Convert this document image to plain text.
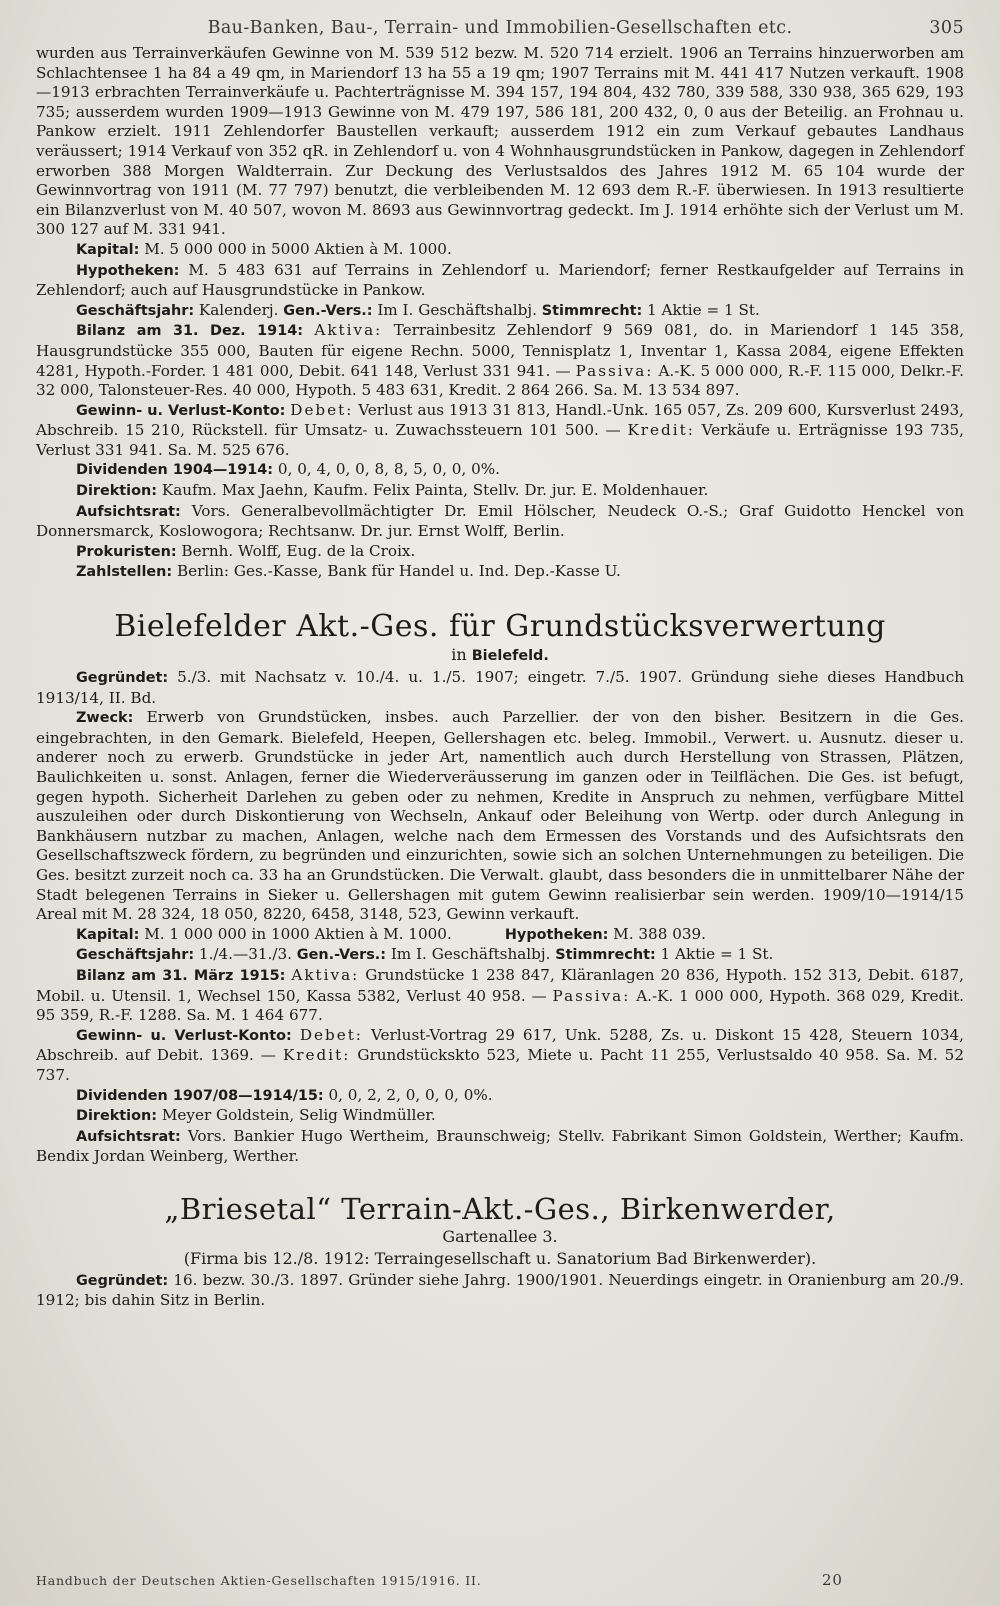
Bau-Banken, Bau-, Terrain- und Immobilien-Gesellschaften etc.	305

wurden aus Terrainverkäufen Gewinne von M. 539 512 bezw. M. 520 714 erzielt. 1906 an Terrains hinzuerworben am Schlachtensee 1 ha 84 a 49 qm, in Mariendorf 13 ha 55 a 19 qm; 1907 Terrains mit M. 441 417 Nutzen verkauft. 1908—1913 erbrachten Terrainverkäufe u. Pachterträgnisse M. 394 157, 194 804, 432 780, 339 588, 330 938, 365 629, 193 735; ausserdem wurden 1909—1913 Gewinne von M. 479 197, 586 181, 200 432, 0, 0 aus der Beteilig. an Frohnau u. Pankow erzielt. 1911 Zehlendorfer Baustellen verkauft; ausserdem 1912 ein zum Verkauf gebautes Landhaus veräussert; 1914 Verkauf von 352 qR. in Zehlendorf u. von 4 Wohnhausgrundstücken in Pankow, dagegen in Zehlendorf erworben 388 Morgen Waldterrain. Zur Deckung des Verlustsaldos des Jahres 1912 M. 65 104 wurde der Gewinnvortrag von 1911 (M. 77 797) benutzt, die verbleibenden M. 12 693 dem R.-F. überwiesen. In 1913 resultierte ein Bilanzverlust von M. 40 507, wovon M. 8693 aus Gewinnvortrag gedeckt. Im J. 1914 erhöhte sich der Verlust um M. 300 127 auf M. 331 941.

Kapital: M. 5 000 000 in 5000 Aktien à M. 1000.

Hypotheken: M. 5 483 631 auf Terrains in Zehlendorf u. Mariendorf; ferner Restkaufgelder auf Terrains in Zehlendorf; auch auf Hausgrundstücke in Pankow.

Geschäftsjahr: Kalenderj. Gen.-Vers.: Im I. Geschäftshalbj. Stimmrecht: 1 Aktie = 1 St.

Bilanz am 31. Dez. 1914: Aktiva: Terrainbesitz Zehlendorf 9 569 081, do. in Mariendorf 1 145 358, Hausgrundstücke 355 000, Bauten für eigene Rechn. 5000, Tennisplatz 1, Inventar 1, Kassa 2084, eigene Effekten 4281, Hypoth.-Forder. 1 481 000, Debit. 641 148, Verlust 331 941. — Passiva: A.-K. 5 000 000, R.-F. 115 000, Delkr.-F. 32 000, Talonsteuer-Res. 40 000, Hypoth. 5 483 631, Kredit. 2 864 266. Sa. M. 13 534 897.

Gewinn- u. Verlust-Konto: Debet: Verlust aus 1913 31 813, Handl.-Unk. 165 057, Zs. 209 600, Kursverlust 2493, Abschreib. 15 210, Rückstell. für Umsatz- u. Zuwachssteuern 101 500. — Kredit: Verkäufe u. Erträgnisse 193 735, Verlust 331 941. Sa. M. 525 676.

Dividenden 1904—1914: 0, 0, 4, 0, 0, 8, 8, 5, 0, 0, 0%.

Direktion: Kaufm. Max Jaehn, Kaufm. Felix Painta, Stellv. Dr. jur. E. Moldenhauer.

Aufsichtsrat: Vors. Generalbevollmächtigter Dr. Emil Hölscher, Neudeck O.-S.; Graf Guidotto Henckel von Donnersmarck, Koslowogora; Rechtsanw. Dr. jur. Ernst Wolff, Berlin.

Prokuristen: Bernh. Wolff, Eug. de la Croix.

Zahlstellen: Berlin: Ges.-Kasse, Bank für Handel u. Ind. Dep.-Kasse U.

Bielefelder Akt.-Ges. für Grundstücksverwertung
in Bielefeld.

Gegründet: 5./3. mit Nachsatz v. 10./4. u. 1./5. 1907; eingetr. 7./5. 1907. Gründung siehe dieses Handbuch 1913/14, II. Bd.

Zweck: Erwerb von Grundstücken, insbes. auch Parzellier. der von den bisher. Besitzern in die Ges. eingebrachten, in den Gemark. Bielefeld, Heepen, Gellershagen etc. beleg. Immobil., Verwert. u. Ausnutz. dieser u. anderer noch zu erwerb. Grundstücke in jeder Art, namentlich auch durch Herstellung von Strassen, Plätzen, Baulichkeiten u. sonst. Anlagen, ferner die Wiederveräusserung im ganzen oder in Teilflächen. Die Ges. ist befugt, gegen hypoth. Sicherheit Darlehen zu geben oder zu nehmen, Kredite in Anspruch zu nehmen, verfügbare Mittel auszuleihen oder durch Diskontierung von Wechseln, Ankauf oder Beleihung von Wertp. oder durch Anlegung in Bankhäusern nutzbar zu machen, Anlagen, welche nach dem Ermessen des Vorstands und des Aufsichtsrats den Gesellschaftszweck fördern, zu begründen und einzurichten, sowie sich an solchen Unternehmungen zu beteiligen. Die Ges. besitzt zurzeit noch ca. 33 ha an Grundstücken. Die Verwalt. glaubt, dass besonders die in unmittelbarer Nähe der Stadt belegenen Terrains in Sieker u. Gellershagen mit gutem Gewinn realisierbar sein werden. 1909/10—1914/15 Areal mit M. 28 324, 18 050, 8220, 6458, 3148, 523, Gewinn verkauft.

Kapital: M. 1 000 000 in 1000 Aktien à M. 1000.	Hypotheken: M. 388 039.

Geschäftsjahr: 1./4.—31./3. Gen.-Vers.: Im I. Geschäftshalbj. Stimmrecht: 1 Aktie = 1 St.

Bilanz am 31. März 1915: Aktiva: Grundstücke 1 238 847, Kläranlagen 20 836, Hypoth. 152 313, Debit. 6187, Mobil. u. Utensil. 1, Wechsel 150, Kassa 5382, Verlust 40 958. — Passiva: A.-K. 1 000 000, Hypoth. 368 029, Kredit. 95 359, R.-F. 1288. Sa. M. 1 464 677.

Gewinn- u. Verlust-Konto: Debet: Verlust-Vortrag 29 617, Unk. 5288, Zs. u. Diskont 15 428, Steuern 1034, Abschreib. auf Debit. 1369. — Kredit: Grundstückskto 523, Miete u. Pacht 11 255, Verlustsaldo 40 958. Sa. M. 52 737.

Dividenden 1907/08—1914/15: 0, 0, 2, 2, 0, 0, 0, 0%.

Direktion: Meyer Goldstein, Selig Windmüller.

Aufsichtsrat: Vors. Bankier Hugo Wertheim, Braunschweig; Stellv. Fabrikant Simon Goldstein, Werther; Kaufm. Bendix Jordan Weinberg, Werther.

„Briesetal“ Terrain-Akt.-Ges., Birkenwerder,
Gartenallee 3.
(Firma bis 12./8. 1912: Terraingesellschaft u. Sanatorium Bad Birkenwerder).

Gegründet: 16. bezw. 30./3. 1897. Gründer siehe Jahrg. 1900/1901. Neuerdings eingetr. in Oranienburg am 20./9. 1912; bis dahin Sitz in Berlin.

Handbuch der Deutschen Aktien-Gesellschaften 1915/1916. II.	20
